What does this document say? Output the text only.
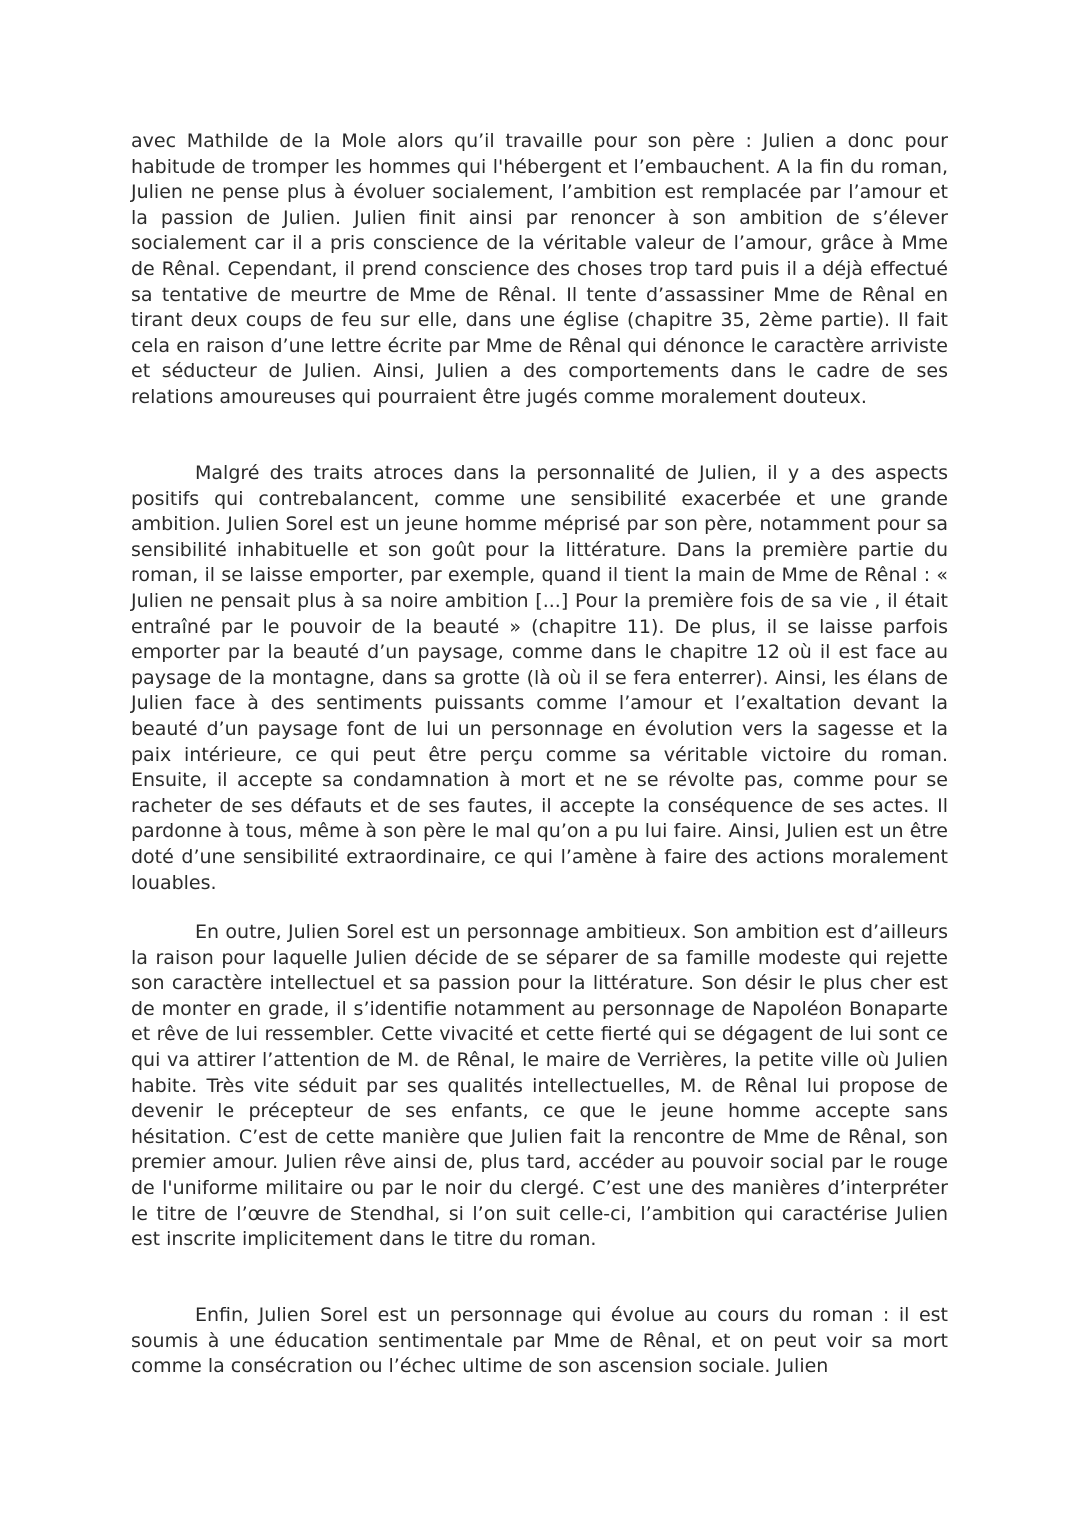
avec Mathilde de la Mole alors qu’il travaille pour son père : Julien a donc pour habitude de tromper les hommes qui l'hébergent et l’embauchent. A la fin du roman, Julien ne pense plus à évoluer socialement, l’ambition est remplacée par l’amour et la passion de Julien. Julien finit ainsi par renoncer à son ambition de s’élever socialement car il a pris conscience de la véritable valeur de l’amour, grâce à Mme de Rênal. Cependant, il prend conscience des choses trop tard puis il a déjà effectué sa tentative de meurtre de Mme de Rênal. Il tente d’assassiner Mme de Rênal en tirant deux coups de feu sur elle, dans une église (chapitre 35, 2ème partie). Il fait cela en raison d’une lettre écrite par Mme de Rênal qui dénonce le caractère arriviste et séducteur de Julien. Ainsi, Julien a des comportements dans le cadre de ses relations amoureuses qui pourraient être jugés comme moralement douteux.

Malgré des traits atroces dans la personnalité de Julien, il y a des aspects positifs qui contrebalancent, comme une sensibilité exacerbée et une grande ambition. Julien Sorel est un jeune homme méprisé par son père, notamment pour sa sensibilité inhabituelle et son goût pour la littérature. Dans la première partie du roman, il se laisse emporter, par exemple, quand il tient la main de Mme de Rênal : « Julien ne pensait plus à sa noire ambition [...] Pour la première fois de sa vie , il était entraîné par le pouvoir de la beauté » (chapitre 11). De plus, il se laisse parfois emporter par la beauté d’un paysage, comme dans le chapitre 12 où il est face au paysage de la montagne, dans sa grotte (là où il se fera enterrer). Ainsi, les élans de Julien face à des sentiments puissants comme l’amour et l’exaltation devant la beauté d’un paysage font de lui un personnage en évolution vers la sagesse et la paix intérieure, ce qui peut être perçu comme sa véritable victoire du roman. Ensuite, il accepte sa condamnation à mort et ne se révolte pas, comme pour se racheter de ses défauts et de ses fautes, il accepte la conséquence de ses actes. Il pardonne à tous, même à son père le mal qu’on a pu lui faire. Ainsi, Julien est un être doté d’une sensibilité extraordinaire, ce qui l’amène à faire des actions moralement louables.

En outre, Julien Sorel est un personnage ambitieux. Son ambition est d’ailleurs la raison pour laquelle Julien décide de se séparer de sa famille modeste qui rejette son caractère intellectuel et sa passion pour la littérature. Son désir le plus cher est de monter en grade, il s’identifie notamment au personnage de Napoléon Bonaparte et rêve de lui ressembler. Cette vivacité et cette fierté qui se dégagent de lui sont ce qui va attirer l’attention de M. de Rênal, le maire de Verrières, la petite ville où Julien habite. Très vite séduit par ses qualités intellectuelles, M. de Rênal lui propose de devenir le précepteur de ses enfants, ce que le jeune homme accepte sans hésitation. C’est de cette manière que Julien fait la rencontre de Mme de Rênal, son premier amour. Julien rêve ainsi de, plus tard, accéder au pouvoir social par le rouge de l'uniforme militaire ou par le noir du clergé. C’est une des manières d’interpréter le titre de l’œuvre de Stendhal, si l’on suit celle-ci, l’ambition qui caractérise Julien est inscrite implicitement dans le titre du roman.

Enfin, Julien Sorel est un personnage qui évolue au cours du roman : il est soumis à une éducation sentimentale par Mme de Rênal, et on peut voir sa mort comme la consécration ou l’échec ultime de son ascension sociale. Julien
